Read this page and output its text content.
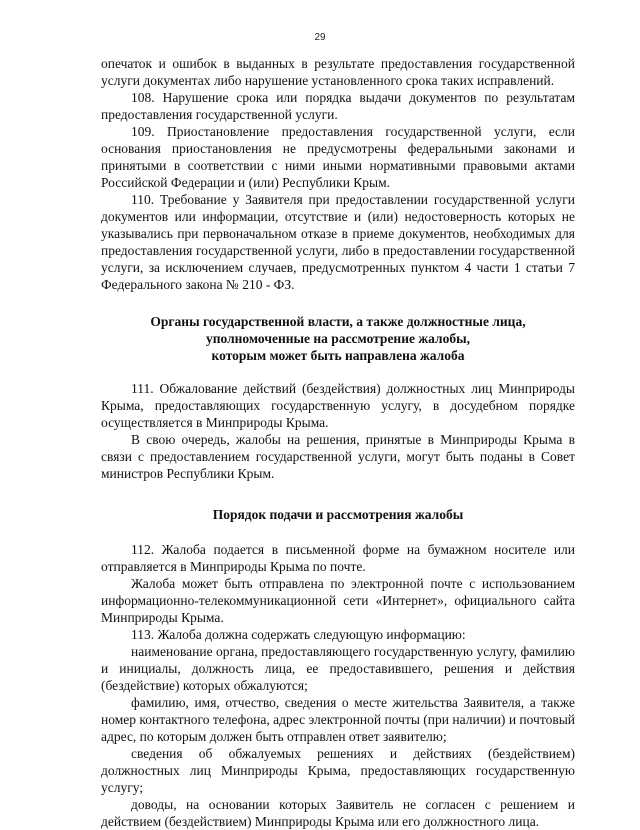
29

опечаток и ошибок в выданных в результате предоставления государственной услуги документах либо нарушение установленного срока таких исправлений.

108. Нарушение срока или порядка выдачи документов по результатам предоставления государственной услуги.

109. Приостановление предоставления государственной услуги, если основания приостановления не предусмотрены федеральными законами и принятыми в соответствии с ними иными нормативными правовыми актами Российской Федерации и (или) Республики Крым.

110. Требование у Заявителя при предоставлении государственной услуги документов или информации, отсутствие и (или) недостоверность которых не указывались при первоначальном отказе в приеме документов, необходимых для предоставления государственной услуги, либо в предоставлении государственной услуги, за исключением случаев, предусмотренных пунктом 4 части 1 статьи 7 Федерального закона № 210 - ФЗ.

Органы государственной власти, а также должностные лица,

уполномоченные на рассмотрение жалобы,

которым может быть направлена жалоба

111. Обжалование действий (бездействия) должностных лиц Минприроды Крыма, предоставляющих государственную услугу, в досудебном порядке осуществляется в Минприроды Крыма.

В свою очередь, жалобы на решения, принятые в Минприроды Крыма в связи с предоставлением государственной услуги, могут быть поданы в Совет министров Республики Крым.

Порядок подачи и рассмотрения жалобы

112. Жалоба подается в письменной форме на бумажном носителе или отправляется в Минприроды Крыма по почте.

Жалоба может быть отправлена по электронной почте с использованием информационно-телекоммуникационной сети «Интернет», официального сайта Минприроды Крыма.

113. Жалоба должна содержать следующую информацию:

наименование органа, предоставляющего государственную услугу, фамилию и инициалы, должность лица, ее предоставившего, решения и действия (бездействие) которых обжалуются;

фамилию, имя, отчество, сведения о месте жительства Заявителя, а также номер контактного телефона, адрес электронной почты (при наличии) и почтовый адрес, по которым должен быть отправлен ответ заявителю;

сведения об обжалуемых решениях и действиях (бездействием) должностных лиц Минприроды Крыма, предоставляющих государственную услугу;

доводы, на основании которых Заявитель не согласен с решением и действием (бездействием) Минприроды Крыма или его должностного лица.
